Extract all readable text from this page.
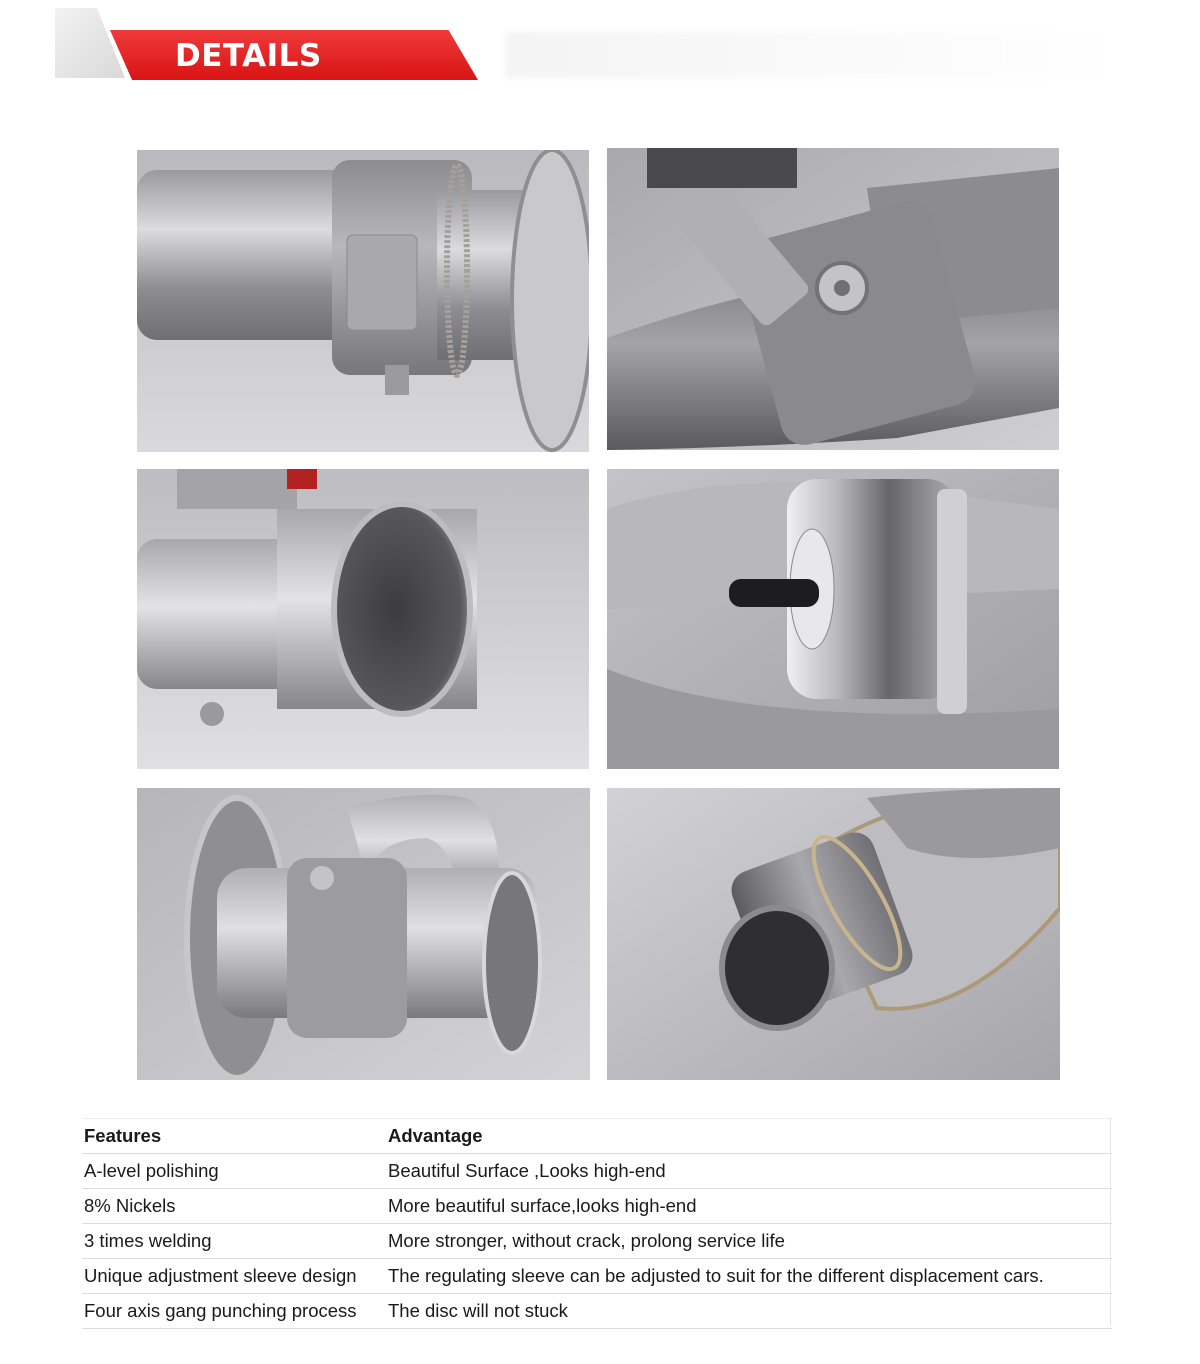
DETAILS
Features	Advantage
A-level polishing	Beautiful Surface ,Looks high-end
8% Nickels	More beautiful surface,looks high-end
3 times welding	More stronger, without crack, prolong service life
Unique adjustment sleeve design	The regulating sleeve can be adjusted to suit for the different displacement cars.
Four axis gang punching process	The disc will not stuck
